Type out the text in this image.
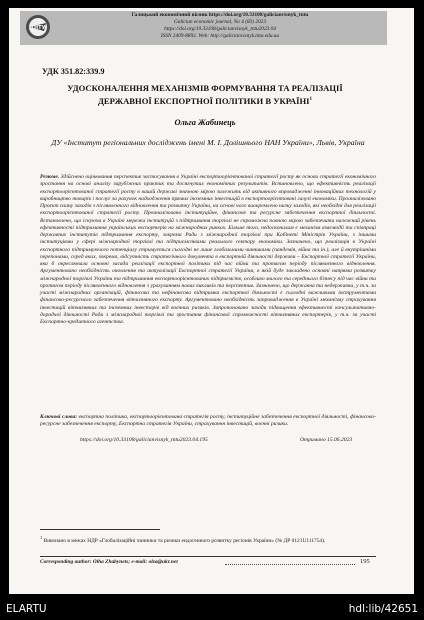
ТНТУ
Галицький економічний вісник https://doi.org/10.33108/galicianvisnyk_tntu
Galician economic journal, No 4 (83) 2023
https://doi.org/10.33108/galicianvisnyk_tntu2023.04
ISSN 2409-8892. Web: http://galicianvisnyk.tntu.edu.ua
УДК 351.82:339.9
УДОСКОНАЛЕННЯ МЕХАНІЗМІВ ФОРМУВАННЯ ТА РЕАЛІЗАЦІЇ
ДЕРЖАВНОЇ ЕКСПОРТНОЇ ПОЛІТИКИ В УКРАЇНІ$^1$
Ольга Жабинець
ДУ «Інститут регіональних досліджень імені М. І. Долішнього НАН України», Львів, Україна

Резюме. Здійснено оцінювання перспектив застосування в Україні експортоорієнтованої стратегії росту як основи стратегії економічного зростання на основі аналізу зарубіжних практик та досягнутих економічних результатів. Встановлено, що ефективність реалізації експортоорієнтованої стратегії росту в вашій державі значною мірою залежить від активного впровадженні інноваційних технологій у виробництво товарів і послуг за рахунок надходження прямих іноземних інвестицій в експортоорієнтовані галузі економіки. Проаналізовано Проєкт плану заходів з післявоєнного відновлення та розвитку України, на основі чого виокремлено низку заходів, які необхідні для реалізації експортоорієнтованої стратегії росту. Проаналізовано інституційне, фінансове та ресурсне забезпечення експортної діяльності. Встановлено, що існуюча в Україні мережа інституцій з підтримання торгівлі не спроможна повною мірою забезпечити належний рівень ефективності підтримання українських експортерів на міжнародних ринках. Більше того, недосконалим є механізм взаємодії та співпраці державних інститутів підтримання експорту, зокрема Ради з міжнародної торгівлі при Кабінеті Міністрів України, з іншими інституціями у сфері міжнародної торгівлі та підприємствами реального сектору економіки. Зазначено, що реалізація в Україні експортного підтримуючого потенціалу стримується сьогодні не лише глобальними чинниками (пандемія, війна та ін.), але й внутрішніми перепонами, серед яких, зокрема, відсутність стратегічного документа в експортній діяльності держави – Експортної стратегії України, яка б окреслювала основні засади реалізації експортної політики під час війни та протягом періоду післявоєнного відновлення. Аргументовано необхідність оновлення та актуалізації Експортної стратегії України, в якій буде закладено основні напрями розвитку міжнародної торгівлі України та підтримання експортоорієнтованих підприємств, особливо малого та середнього бізнесу під час війни та протягом періоду післявоєнного відновлення з урахуванням нових викликів та перспектив. Зазначено, що державна та недержавна, у т.ч. за участі міжнародних організацій, фінансова та нефінансова підтримка експортної діяльності є сьогодні важливими інструментами фінансово-ресурсного забезпечення вітчизняного експорту. Аргументовано необхідність запровадження в Україні механізму страхування інвестицій вітчизняних та іноземних інвесторів від воєнних ризиків. Запропоновано заходи підвищення ефективності консультативно-дорадчої діяльності Ради з міжнародної торгівлі та зростання фінансової спроможності вітчизняних експортерів, у т.ч. за участі Експортно-кредитного агентства.

Ключові слова: експортна політика, експортоорієнтована стратегія росту, інституційне забезпечення експортної діяльності, фінансово-ресурсне забезпечення експорту, Експортна стратегія України, страхування інвестицій, воєнні ризики.

https://doi.org/10.33108/galicianvisnyk_tntu2023.04.195	Отримано 15.06.2023
$^1$ Виконано в межах НДР «Глобалізаційні чинники та ризики ендогенного розвитку регіонів України» (№ ДР 0121U111754).
Corresponding author: Olha Zhabynets; e-mail: olza@ukr.net	195
ELARTU	hdl:lib/42651
